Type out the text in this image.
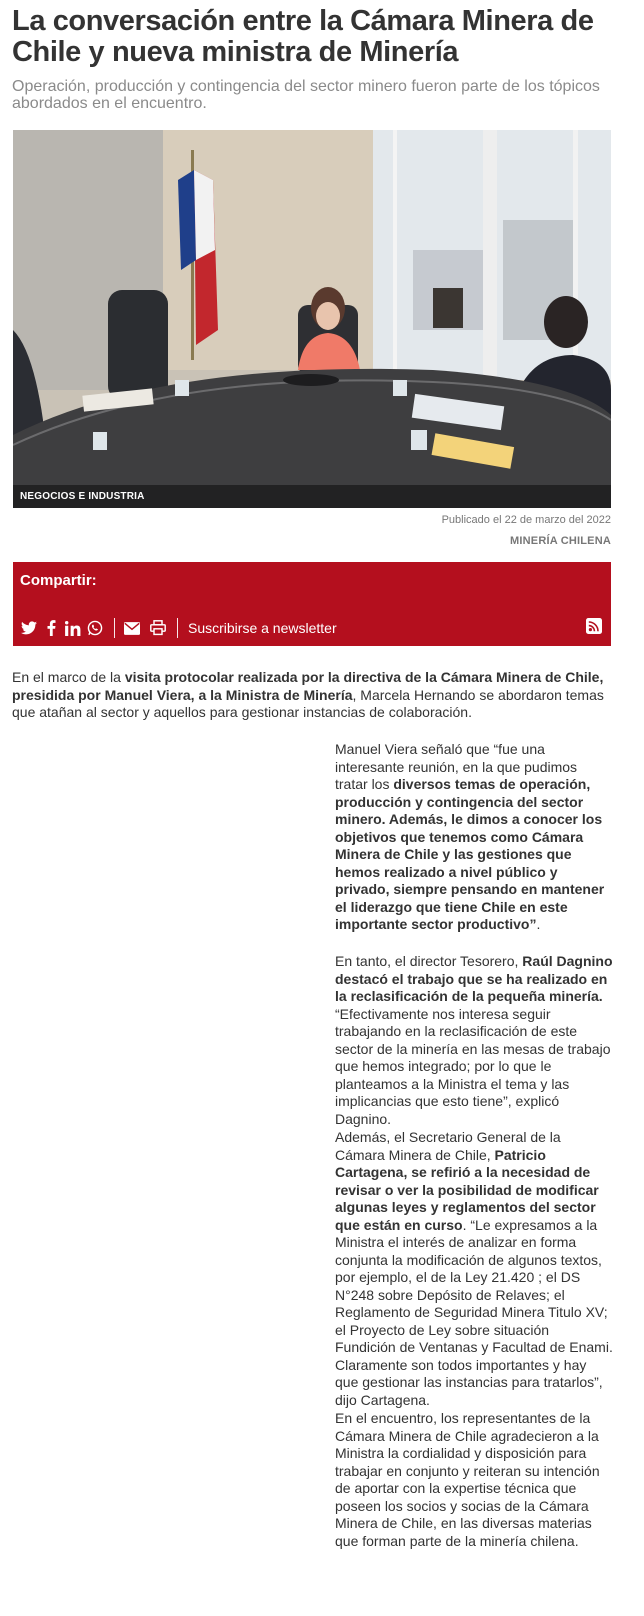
La conversación entre la Cámara Minera de Chile y nueva ministra de Minería

Operación, producción y contingencia del sector minero fueron parte de los tópicos abordados en el encuentro.

NEGOCIOS E INDUSTRIA
Publicado el 22 de marzo del 2022
MINERÍA CHILENA
Compartir:
Suscribirse a newsletter

En el marco de la visita protocolar realizada por la directiva de la Cámara Minera de Chile, presidida por Manuel Viera, a la Ministra de Minería, Marcela Hernando se abordaron temas que atañan al sector y aquellos para gestionar instancias de colaboración.

Manuel Viera señaló que “fue una interesante reunión, en la que pudimos tratar los diversos temas de operación, producción y contingencia del sector minero. Además, le dimos a conocer los objetivos que tenemos como Cámara Minera de Chile y las gestiones que hemos realizado a nivel público y privado, siempre pensando en mantener el liderazgo que tiene Chile en este importante sector productivo”.

En tanto, el director Tesorero, Raúl Dagnino destacó el trabajo que se ha realizado en la reclasificación de la pequeña minería. “Efectivamente nos interesa seguir trabajando en la reclasificación de este sector de la minería en las mesas de trabajo que hemos integrado; por lo que le planteamos a la Ministra el tema y las implicancias que esto tiene”, explicó Dagnino.

Además, el Secretario General de la Cámara Minera de Chile, Patricio Cartagena, se refirió a la necesidad de revisar o ver la posibilidad de modificar algunas leyes y reglamentos del sector que están en curso. “Le expresamos a la Ministra el interés de analizar en forma conjunta la modificación de algunos textos, por ejemplo, el de la Ley 21.420 ; el DS N°248 sobre Depósito de Relaves; el Reglamento de Seguridad Minera Titulo XV; el Proyecto de Ley sobre situación Fundición de Ventanas y Facultad de Enami. Claramente son todos importantes y hay que gestionar las instancias para tratarlos”, dijo Cartagena.

En el encuentro, los representantes de la Cámara Minera de Chile agradecieron a la Ministra la cordialidad y disposición para trabajar en conjunto y reiteran su intención de aportar con la expertise técnica que poseen los socios y socias de la Cámara Minera de Chile, en las diversas materias que forman parte de la minería chilena.
